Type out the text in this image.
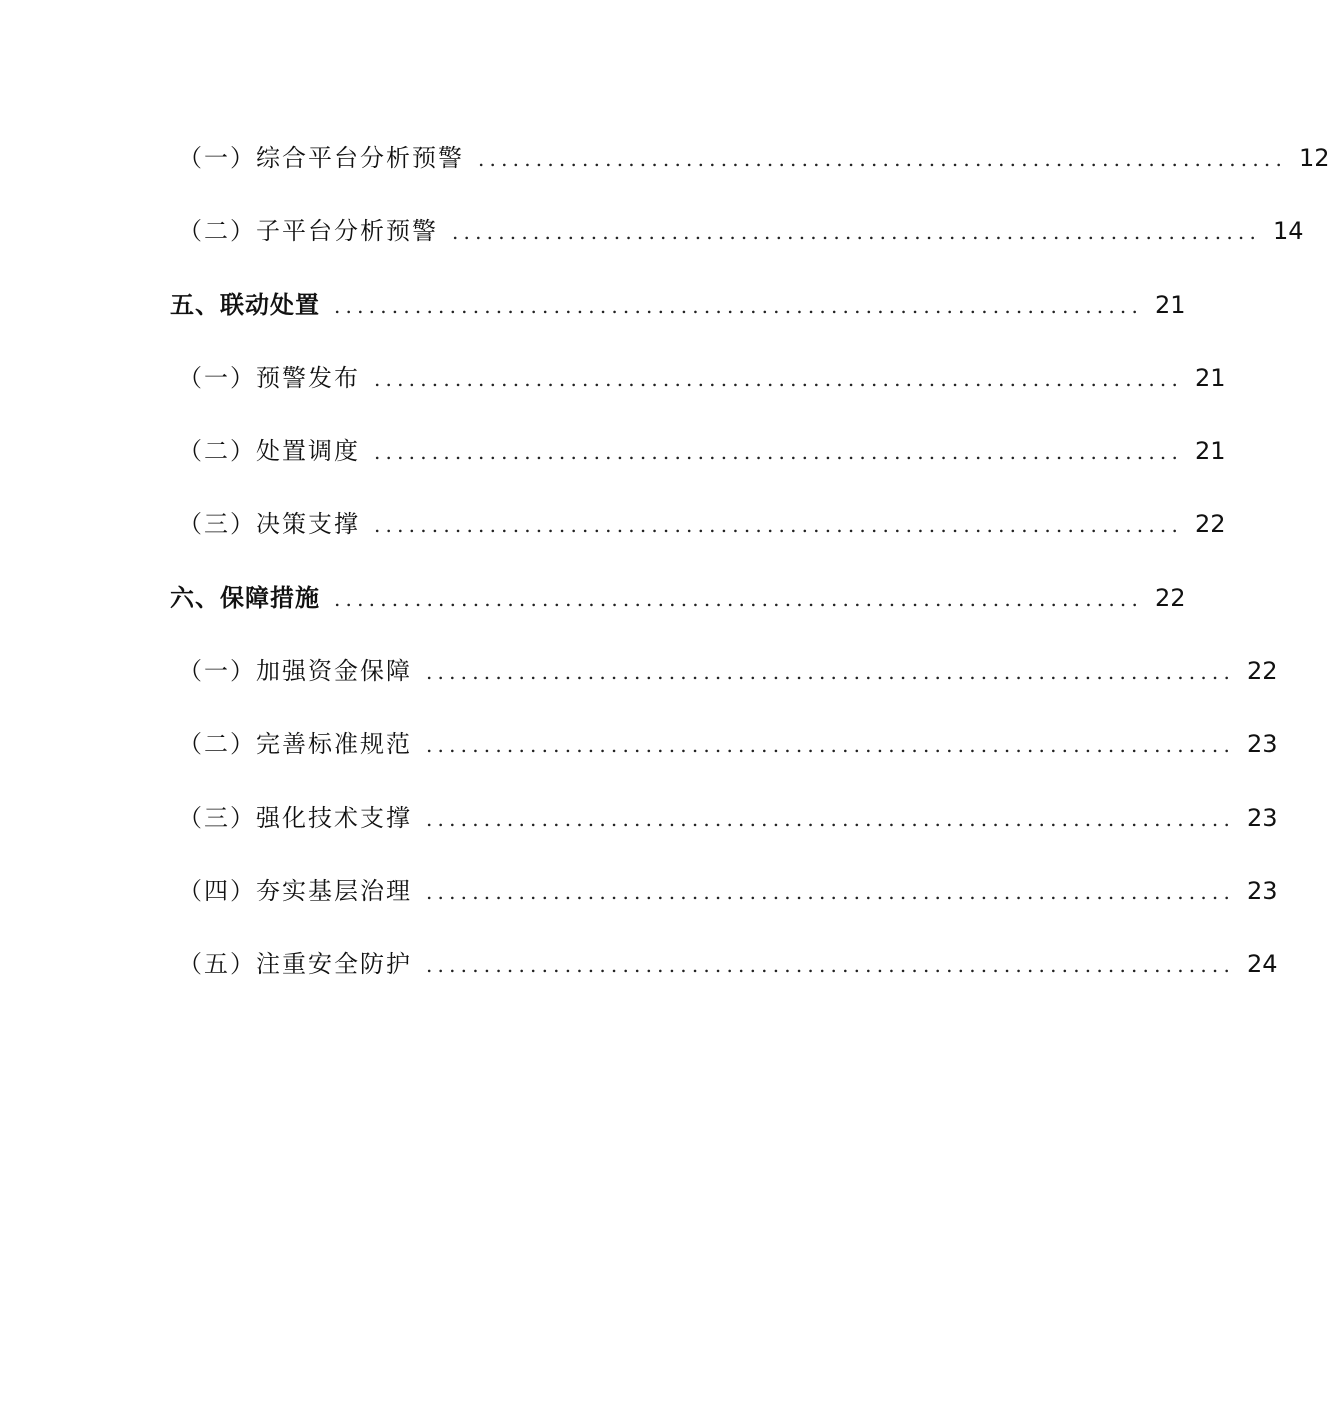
（一）综合平台分析预警 ...................................................................... 12
（二）子平台分析预警 ...................................................................... 14
五、联动处置 ...................................................................... 21
（一）预警发布 ...................................................................... 21
（二）处置调度 ...................................................................... 21
（三）决策支撑 ...................................................................... 22
六、保障措施 ...................................................................... 22
（一）加强资金保障 ...................................................................... 22
（二）完善标准规范 ...................................................................... 23
（三）强化技术支撑 ...................................................................... 23
（四）夯实基层治理 ...................................................................... 23
（五）注重安全防护 ...................................................................... 24
